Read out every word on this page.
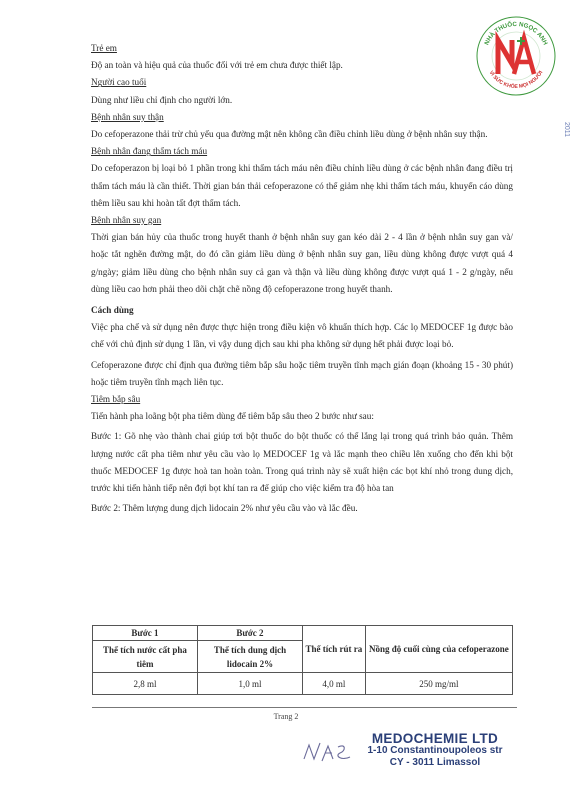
NHÀ THUỐC NGỌC ANH
VÌ SỨC KHỎE MỌI NGƯỜI
2011

Trẻ em

Độ an toàn và hiệu quả của thuốc đối với trẻ em chưa được thiết lập.

Người cao tuổi

Dùng như liều chỉ định cho người lớn.

Bệnh nhân suy thận

Do cefoperazone thải trừ chủ yếu qua đường mật nên không cần điều chỉnh liều dùng ở bệnh nhân suy thận.

Bệnh nhân đang thẩm tách máu

Do cefoperazon bị loại bỏ 1 phần trong khi thẩm tách máu nên điều chỉnh liều dùng ở các bệnh nhân đang điều trị thẩm tách máu là cần thiết. Thời gian bán thải cefoperazone có thể giảm nhẹ khi thẩm tách máu, khuyến cáo dùng thêm liều sau khi hoàn tất đợt thẩm tách.

Bệnh nhân suy gan

Thời gian bán hủy của thuốc trong huyết thanh ở bệnh nhân suy gan kéo dài 2 - 4 lần ở bệnh nhân suy gan và/ hoặc tắt nghẽn đường mật, do đó cần giảm liều dùng ở bệnh nhân suy gan, liều dùng không được vượt quá 4 g/ngày; giảm liều dùng cho bệnh nhân suy cả gan và thận và liều dùng không được vượt quá 1 - 2 g/ngày, nếu dùng liều cao hơn phải theo dõi chặt chẽ nồng độ cefoperazone trong huyết thanh.

Cách dùng

Việc pha chế và sử dụng nên được thực hiện trong điều kiện vô khuẩn thích hợp. Các lọ MEDOCEF 1g được bào chế với chủ định sử dụng 1 lần, vì vậy dung dịch sau khi pha không sử dụng hết phải được loại bỏ.

Cefoperazone được chỉ định qua đường tiêm bắp sâu hoặc tiêm truyền tĩnh mạch gián đoạn (khoảng 15 - 30 phút) hoặc tiêm truyền tĩnh mạch liên tục.

Tiêm bắp sâu

Tiến hành pha loãng bột pha tiêm dùng để tiêm bắp sâu theo 2 bước như sau:

Bước 1: Gõ nhẹ vào thành chai giúp tơi bột thuốc do bột thuốc có thể lắng lại trong quá trình bảo quản. Thêm lượng nước cất pha tiêm như yêu cầu vào lọ MEDOCEF 1g và lắc mạnh theo chiều lên xuống cho đến khi bột thuốc MEDOCEF 1g được hoà tan hoàn toàn. Trong quá trình này sẽ xuất hiện các bọt khí nhỏ trong dung dịch, trước khi tiến hành tiếp nên đợi bọt khí tan ra để giúp cho việc kiểm tra độ hòa tan

Bước 2: Thêm lượng dung dịch lidocain 2% như yêu cầu vào và lắc đều.

Bước 1	Bước 2	Thể tích rút ra	Nồng độ cuối cùng của cefoperazone
Thể tích nước cất pha tiêm	Thể tích dung dịch lidocain 2%		
2,8 ml	1,0 ml	4,0 ml	250 mg/ml
Trang 2
MEDOCHEMIE LTD
1-10 Constantinoupoleos str
CY - 3011 Limassol
